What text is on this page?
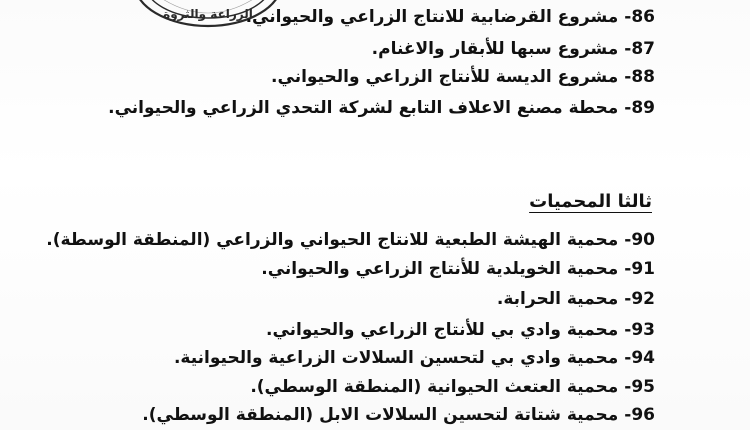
الزراعة والثروة	86-مشروع القرضابية للانتاج الزراعي والحيواني.
87-مشروع سبها للأبقار والاغنام.
88-مشروع الديسة للأنتاج الزراعي والحيواني.
89-محطة مصنع الاعلاف التابع لشركة التحدي الزراعي والحيواني.
ثالثا المحميات
90-محمية الهيشة الطبعية للانتاج الحيواني والزراعي (المنطقة الوسطة).
91-محمية الخويلدية للأنتاج الزراعي والحيواني.
92-محمية الحرابة.
93-محمية وادي بي للأنتاج الزراعي والحيواني.
94-محمية وادي بي لتحسين السلالات الزراعية والحيوانية.
95-محمية العتعث الحيوانية (المنطقة الوسطي).
96-محمية شتاتة لتحسين السلالات الابل (المنطقة الوسطي).
